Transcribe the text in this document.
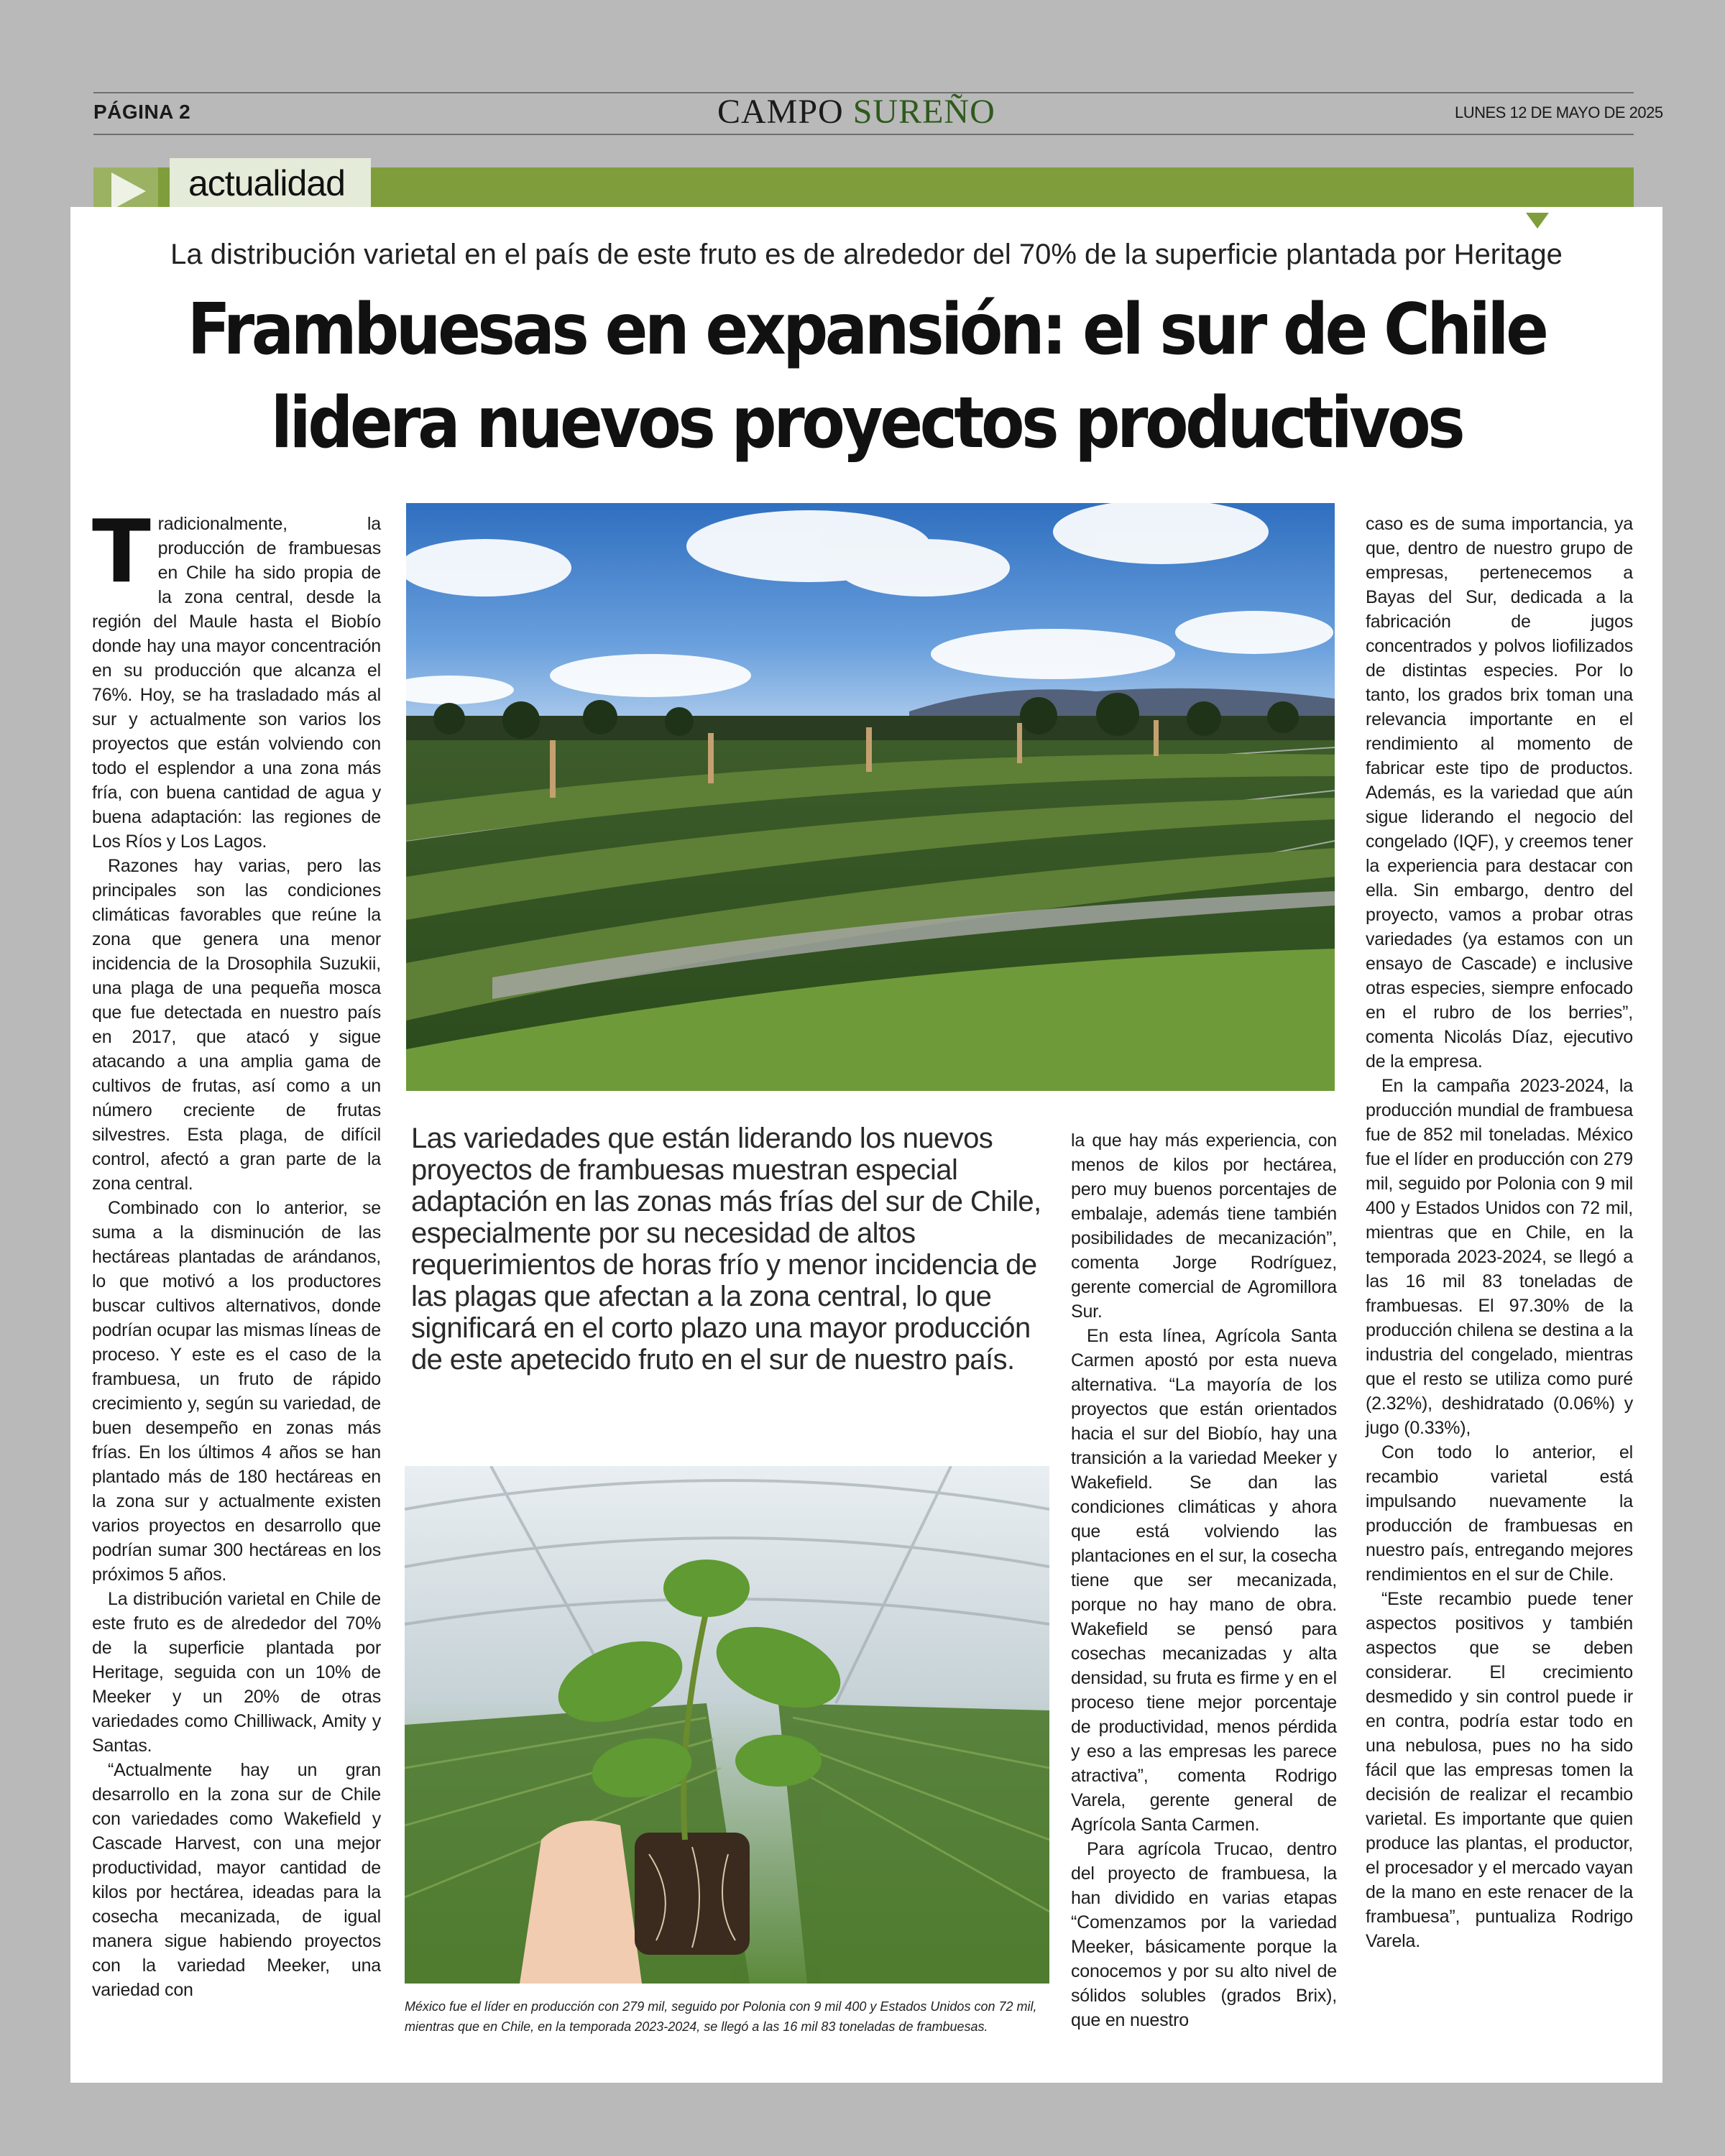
PÁGINA 2	CAMPO SUREÑO	LUNES 12 DE MAYO DE 2025
actualidad
La distribución varietal en el país de este fruto es de alrededor del 70% de la superficie plantada por Heritage
Frambuesas en expansión: el sur de Chile
lidera nuevos proyectos productivos

Tradicionalmente, la producción de frambuesas en Chile ha sido propia de la zona central, desde la región del Maule hasta el Biobío donde hay una mayor concentración en su producción que alcanza el 76%. Hoy, se ha trasladado más al sur y actualmente son varios los proyectos que están volviendo con todo el esplendor a una zona más fría, con buena cantidad de agua y buena adaptación: las regiones de Los Ríos y Los Lagos.

Razones hay varias, pero las principales son las condiciones climáticas favorables que reúne la zona que genera una menor incidencia de la Drosophila Suzukii, una plaga de una pequeña mosca que fue detectada en nuestro país en 2017, que atacó y sigue atacando a una amplia gama de cultivos de frutas, así como a un número creciente de frutas silvestres. Esta plaga, de difícil control, afectó a gran parte de la zona central.

Combinado con lo anterior, se suma a la disminución de las hectáreas plantadas de arándanos, lo que motivó a los productores buscar cultivos alternativos, donde podrían ocupar las mismas líneas de proceso. Y este es el caso de la frambuesa, un fruto de rápido crecimiento y, según su variedad, de buen desempeño en zonas más frías. En los últimos 4 años se han plantado más de 180 hectáreas en la zona sur y actualmente existen varios proyectos en desarrollo que podrían sumar 300 hectáreas en los próximos 5 años.

La distribución varietal en Chile de este fruto es de alrededor del 70% de la superficie plantada por Heritage, seguida con un 10% de Meeker y un 20% de otras variedades como Chilliwack, Amity y Santas.

“Actualmente hay un gran desarrollo en la zona sur de Chile con variedades como Wakefield y Cascade Harvest, con una mejor productividad, mayor cantidad de kilos por hectárea, ideadas para la cosecha mecanizada, de igual manera sigue habiendo proyectos con la variedad Meeker, una variedad con

Las variedades que están liderando los nuevos proyectos de frambuesas muestran especial adaptación en las zonas más frías del sur de Chile, especialmente por su necesidad de altos requerimientos de horas frío y menor incidencia de las plagas que afectan a la zona central, lo que significará en el corto plazo una mayor producción de este apetecido fruto en el sur de nuestro país.
México fue el líder en producción con 279 mil, seguido por Polonia con 9 mil 400 y Estados Unidos con 72 mil, mientras que en Chile, en la temporada 2023-2024, se llegó a las 16 mil 83 toneladas de frambuesas.

la que hay más experiencia, con menos de kilos por hectárea, pero muy buenos porcentajes de embalaje, además tiene también posibilidades de mecanización”, comenta Jorge Rodríguez, gerente comercial de Agromillora Sur.

En esta línea, Agrícola Santa Carmen apostó por esta nueva alternativa. “La mayoría de los proyectos que están orientados hacia el sur del Biobío, hay una transición a la variedad Meeker y Wakefield. Se dan las condiciones climáticas y ahora que está volviendo las plantaciones en el sur, la cosecha tiene que ser mecanizada, porque no hay mano de obra. Wakefield se pensó para cosechas mecanizadas y alta densidad, su fruta es firme y en el proceso tiene mejor porcentaje de productividad, menos pérdida y eso a las empresas les parece atractiva”, comenta Rodrigo Varela, gerente general de Agrícola Santa Carmen.

Para agrícola Trucao, dentro del proyecto de frambuesa, la han dividido en varias etapas “Comenzamos por la variedad Meeker, básicamente porque la conocemos y por su alto nivel de sólidos solubles (grados Brix), que en nuestro

caso es de suma importancia, ya que, dentro de nuestro grupo de empresas, pertenecemos a Bayas del Sur, dedicada a la fabricación de jugos concentrados y polvos liofilizados de distintas especies. Por lo tanto, los grados brix toman una relevancia importante en el rendimiento al momento de fabricar este tipo de productos. Además, es la variedad que aún sigue liderando el negocio del congelado (IQF), y creemos tener la experiencia para destacar con ella. Sin embargo, dentro del proyecto, vamos a probar otras variedades (ya estamos con un ensayo de Cascade) e inclusive otras especies, siempre enfocado en el rubro de los berries”, comenta Nicolás Díaz, ejecutivo de la empresa.

En la campaña 2023-2024, la producción mundial de frambuesa fue de 852 mil toneladas. México fue el líder en producción con 279 mil, seguido por Polonia con 9 mil 400 y Estados Unidos con 72 mil, mientras que en Chile, en la temporada 2023-2024, se llegó a las 16 mil 83 toneladas de frambuesas. El 97.30% de la producción chilena se destina a la industria del congelado, mientras que el resto se utiliza como puré (2.32%), deshidratado (0.06%) y jugo (0.33%),

Con todo lo anterior, el recambio varietal está impulsando nuevamente la producción de frambuesas en nuestro país, entregando mejores rendimientos en el sur de Chile.

“Este recambio puede tener aspectos positivos y también aspectos que se deben considerar. El crecimiento desmedido y sin control puede ir en contra, podría estar todo en una nebulosa, pues no ha sido fácil que las empresas tomen la decisión de realizar el recambio varietal. Es importante que quien produce las plantas, el productor, el procesador y el mercado vayan de la mano en este renacer de la frambuesa”, puntualiza Rodrigo Varela.
